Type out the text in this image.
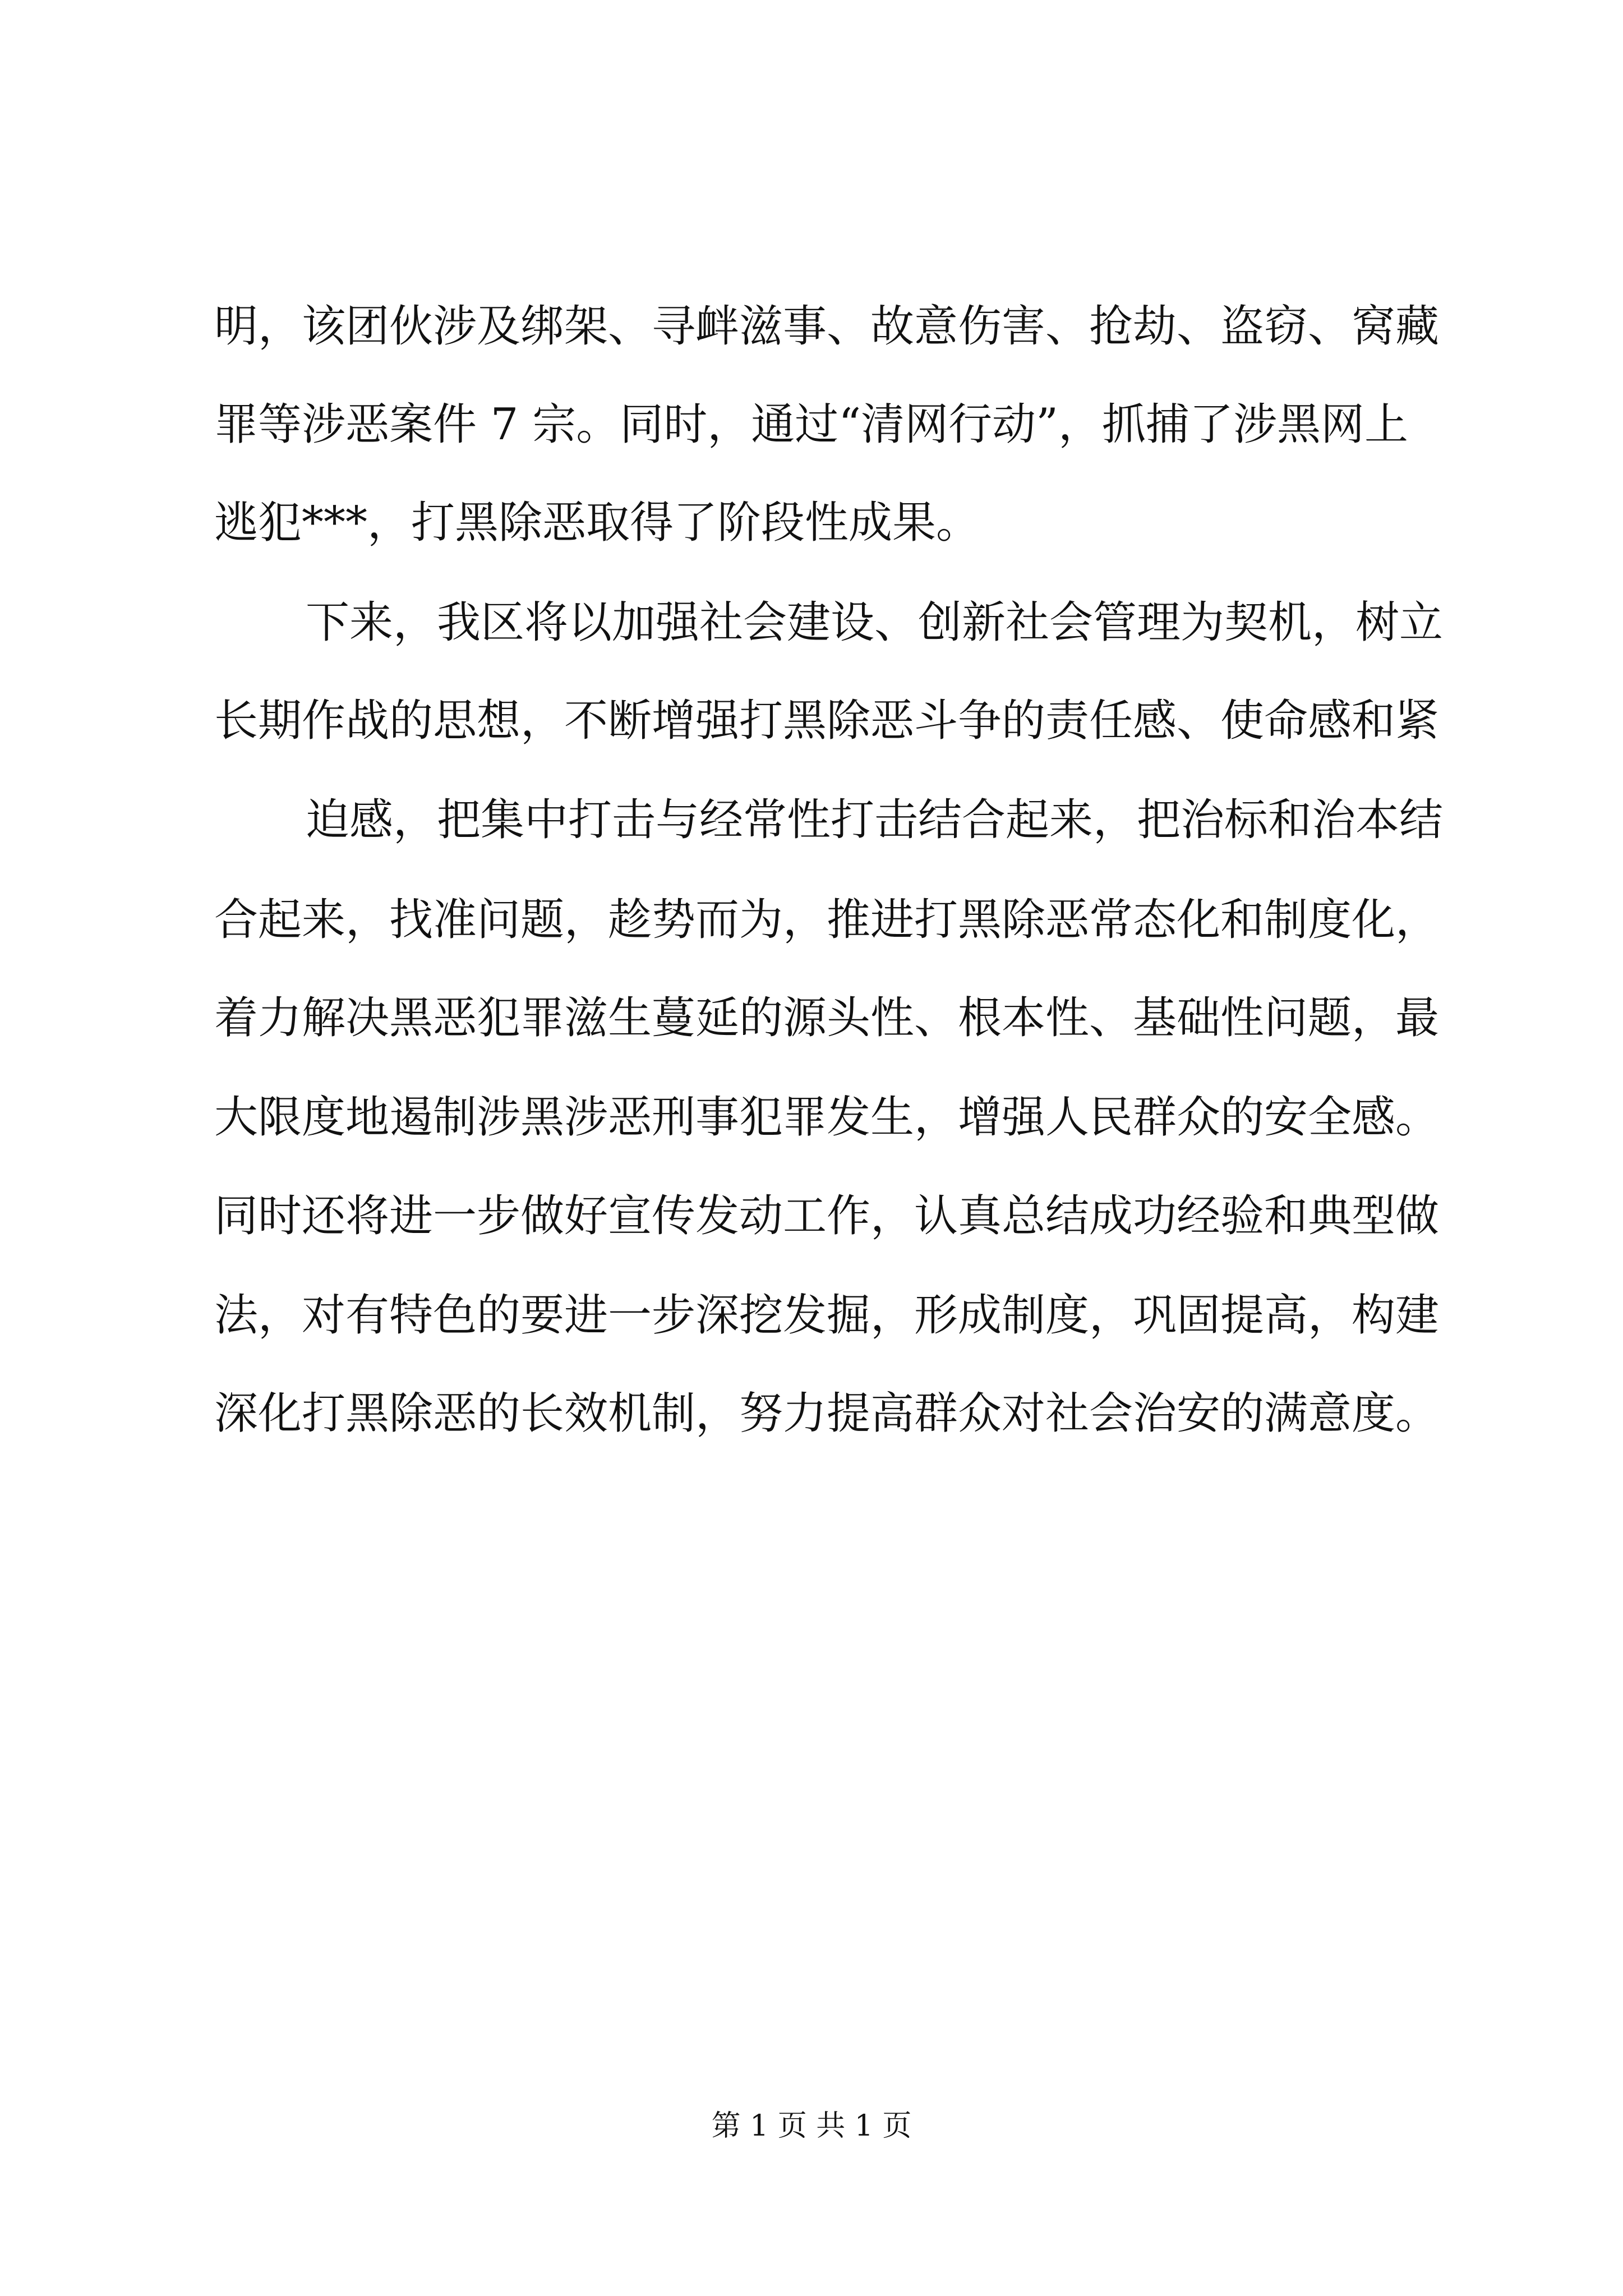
明，该团伙涉及绑架、寻衅滋事、故意伤害、抢劫、盗窃、窝藏
罪等涉恶案件 7 宗。同时，通过“清网行动”，抓捕了涉黑网上
逃犯***，打黑除恶取得了阶段性成果。
下来，我区将以加强社会建设、创新社会管理为契机，树立
长期作战的思想，不断增强打黑除恶斗争的责任感、使命感和紧
迫感，把集中打击与经常性打击结合起来，把治标和治本结
合起来，找准问题，趁势而为，推进打黑除恶常态化和制度化，
着力解决黑恶犯罪滋生蔓延的源头性、根本性、基础性问题，最
大限度地遏制涉黑涉恶刑事犯罪发生，增强人民群众的安全感。
同时还将进一步做好宣传发动工作，认真总结成功经验和典型做
法，对有特色的要进一步深挖发掘，形成制度，巩固提高，构建
深化打黑除恶的长效机制，努力提高群众对社会治安的满意度。
第 1 页 共 1 页
